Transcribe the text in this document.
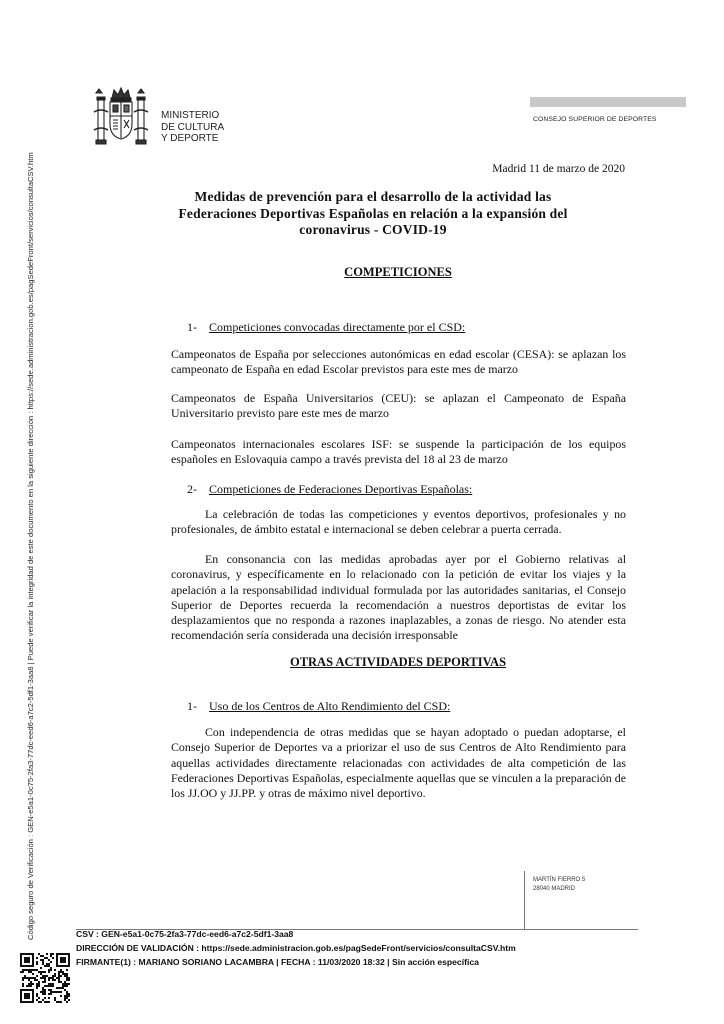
Código seguro de Verificación : GEN-e5a1-0c75-2fa3-77dc-eed6-a7c2-5df1-3aa8 | Puede verificar la integridad de este documento en la siguiente dirección : https://sede.administracion.gob.es/pagSedeFront/servicios/consultaCSV.htm
MINISTERIO
DE CULTURA
Y DEPORTE
CONSEJO SUPERIOR DE DEPORTES
Madrid 11 de marzo de 2020
Medidas de prevención para el desarrollo de la actividad las
Federaciones Deportivas Españolas en relación a la expansión del
coronavirus - COVID-19
COMPETICIONES
1- Competiciones convocadas directamente por el CSD:
Campeonatos de España por selecciones autonómicas en edad escolar (CESA): se aplazan los campeonato de España en edad Escolar previstos para este mes de marzo
Campeonatos de España Universitarios (CEU): se aplazan el Campeonato de España Universitario previsto pare este mes de marzo
Campeonatos internacionales escolares ISF: se suspende la participación de los equipos españoles en Eslovaquia campo a través prevista del 18 al 23 de marzo
2- Competiciones de Federaciones Deportivas Españolas:
La celebración de todas las competiciones y eventos deportivos, profesionales y no profesionales, de ámbito estatal e internacional se deben celebrar a puerta cerrada.
En consonancia con las medidas aprobadas ayer por el Gobierno relativas al coronavirus, y específicamente en lo relacionado con la petición de evitar los viajes y la apelación a la responsabilidad individual formulada por las autoridades sanitarias, el Consejo Superior de Deportes recuerda la recomendación a nuestros deportistas de evitar los desplazamientos que no responda a razones inaplazables, a zonas de riesgo. No atender esta recomendación sería considerada una decisión irresponsable
OTRAS ACTIVIDADES DEPORTIVAS
1- Uso de los Centros de Alto Rendimiento del CSD:
Con independencia de otras medidas que se hayan adoptado o puedan adoptarse, el Consejo Superior de Deportes va a priorizar el uso de sus Centros de Alto Rendimiento para aquellas actividades directamente relacionadas con actividades de alta competición de las Federaciones Deportivas Españolas, especialmente aquellas que se vinculen a la preparación de los JJ.OO y JJ.PP. y otras de máximo nivel deportivo.
MARTÍN FIERRO 5
28040 MADRID
CSV : GEN-e5a1-0c75-2fa3-77dc-eed6-a7c2-5df1-3aa8
DIRECCIÓN DE VALIDACIÓN : https://sede.administracion.gob.es/pagSedeFront/servicios/consultaCSV.htm
FIRMANTE(1) : MARIANO SORIANO LACAMBRA | FECHA : 11/03/2020 18:32 | Sin acción específica
